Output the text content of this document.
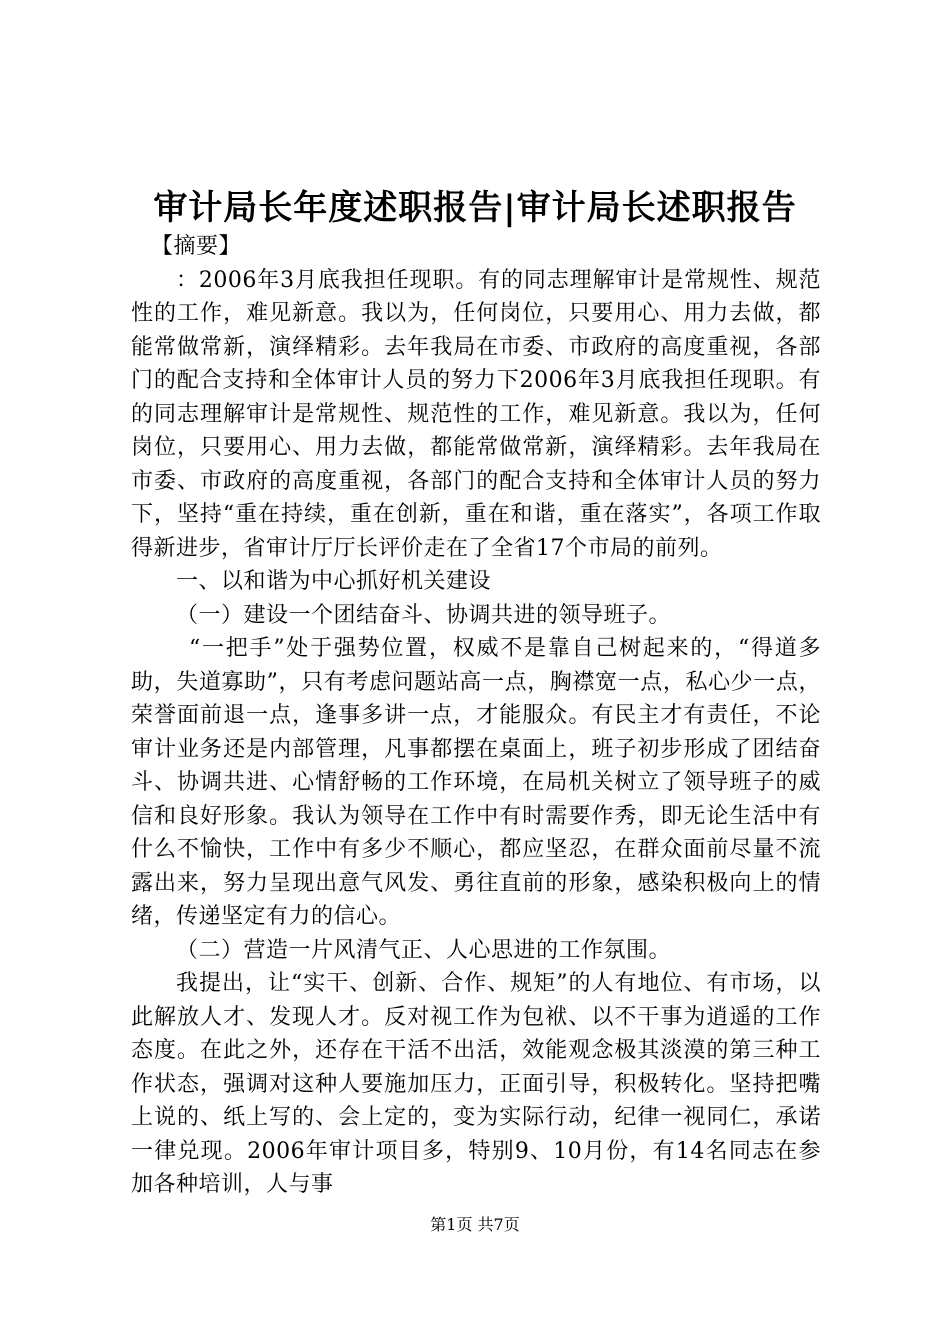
审计局长年度述职报告|审计局长述职报告

【摘要】

：2006年3月底我担任现职。有的同志理解审计是常规性、规范性的工作，难见新意。我以为，任何岗位，只要用心、用力去做，都能常做常新，演绎精彩。去年我局在市委、市政府的高度重视，各部门的配合支持和全体审计人员的努力下2006年3月底我担任现职。有的同志理解审计是常规性、规范性的工作，难见新意。我以为，任何岗位，只要用心、用力去做，都能常做常新，演绎精彩。去年我局在市委、市政府的高度重视，各部门的配合支持和全体审计人员的努力下，坚持“重在持续，重在创新，重在和谐，重在落实”，各项工作取得新进步，省审计厅厅长评价走在了全省17个市局的前列。

一、以和谐为中心抓好机关建设

（一）建设一个团结奋斗、协调共进的领导班子。

“一把手”处于强势位置，权威不是靠自己树起来的，“得道多助，失道寡助”，只有考虑问题站高一点，胸襟宽一点，私心少一点，荣誉面前退一点，逢事多讲一点，才能服众。有民主才有责任，不论审计业务还是内部管理，凡事都摆在桌面上，班子初步形成了团结奋斗、协调共进、心情舒畅的工作环境，在局机关树立了领导班子的威信和良好形象。我认为领导在工作中有时需要作秀，即无论生活中有什么不愉快，工作中有多少不顺心，都应坚忍，在群众面前尽量不流露出来，努力呈现出意气风发、勇往直前的形象，感染积极向上的情绪，传递坚定有力的信心。

（二）营造一片风清气正、人心思进的工作氛围。

我提出，让“实干、创新、合作、规矩”的人有地位、有市场，以此解放人才、发现人才。反对视工作为包袱、以不干事为逍遥的工作态度。在此之外，还存在干活不出活，效能观念极其淡漠的第三种工作状态，强调对这种人要施加压力，正面引导，积极转化。坚持把嘴上说的、纸上写的、会上定的，变为实际行动，纪律一视同仁，承诺一律兑现。2006年审计项目多，特别9、10月份，有14名同志在参加各种培训，人与事

第1页 共7页
